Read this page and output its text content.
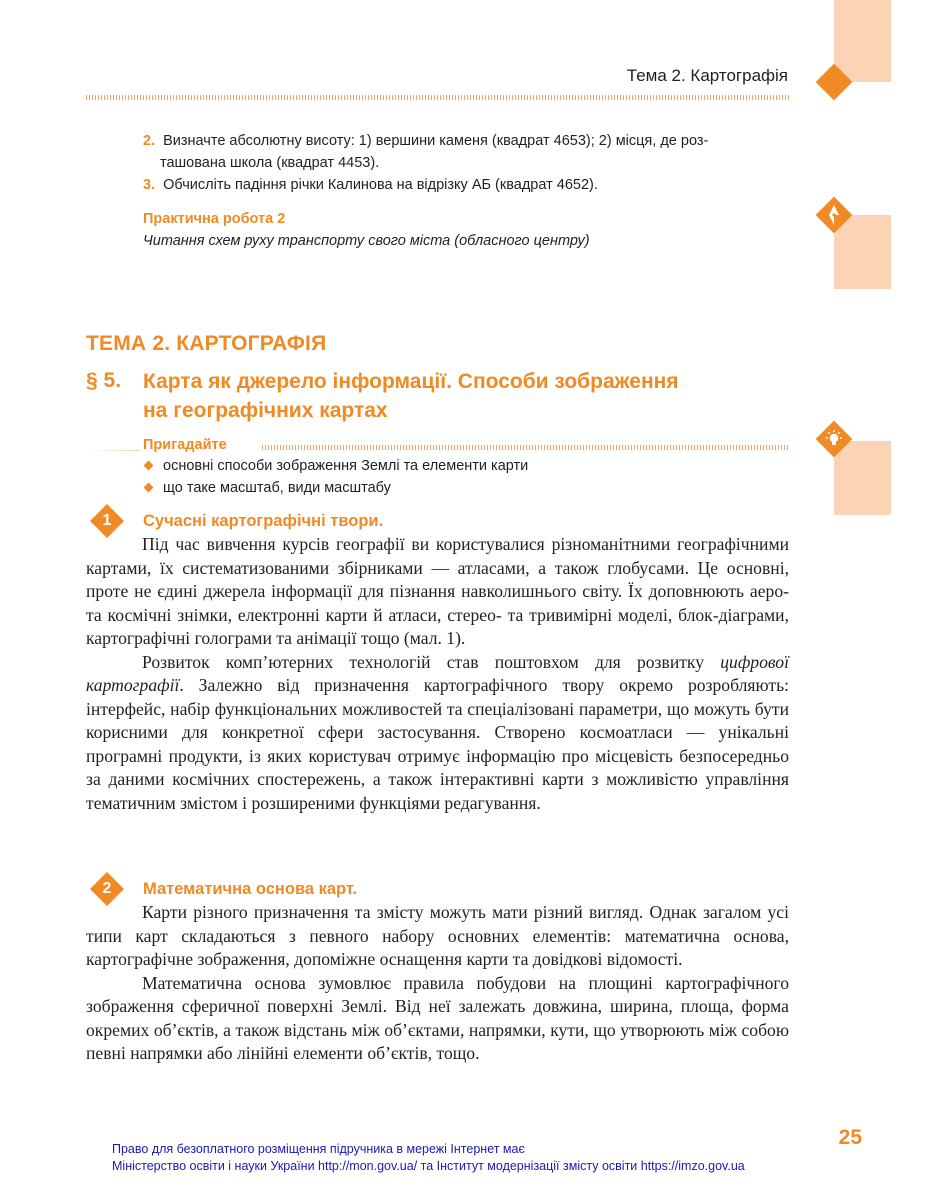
Тема 2. Картографія
2. Визначте абсолютну висоту: 1) вершини каменя (квадрат 4653); 2) місця, де роз-
ташована школа (квадрат 4453).
3. Обчисліть падіння річки Калинова на відрізку АБ (квадрат 4652).
Практична робота 2
Читання схем руху транспорту свого міста (обласного центру)
ТЕМА 2. КАРТОГРАФІЯ
§ 5. Карта як джерело інформації. Способи зображення
на географічних картах
Пригадайте
основні способи зображення Землі та елементи карти
що таке масштаб, види масштабу
1	Сучасні картографічні твори.

Під час вивчення курсів географії ви користувалися різноманітними географічними картами, їх систематизованими збірниками — атласами, а також глобусами. Це основні, проте не єдині джерела інформації для пізнання навколишнього світу. Їх доповнюють аеро- та космічні знімки, електронні карти й атласи, стерео- та тривимірні моделі, блок-діаграми, картографічні голограми та анімації тощо (мал. 1).

Розвиток комп’ютерних технологій став поштовхом для розвитку цифрової картографії. Залежно від призначення картографічного твору окремо розробляють: інтерфейс, набір функціональних можливостей та спеціалізовані параметри, що можуть бути корисними для конкретної сфери застосування. Створено космоатласи — унікальні програмні продукти, із яких користувач отримує інформацію про місцевість безпосередньо за даними космічних спостережень, а також інтерактивні карти з можливістю управління тематичним змістом і розширеними функціями редагування.

2	Математична основа карт.

Карти різного призначення та змісту можуть мати різний вигляд. Однак загалом усі типи карт складаються з певного набору основних елементів: математична основа, картографічне зображення, допоміжне оснащення карти та довідкові відомості.

Математична основа зумовлює правила побудови на площині картографічного зображення сферичної поверхні Землі. Від неї залежать довжина, ширина, площа, форма окремих об’єктів, а також відстань між об’єктами, напрямки, кути, що утворюють між собою певні напрямки або лінійні елементи об’єктів, тощо.

25
Право для безоплатного розміщення підручника в мережі Інтернет має
Міністерство освіти і науки України http://mon.gov.ua/ та Інститут модернізації змісту освіти https://imzo.gov.ua
